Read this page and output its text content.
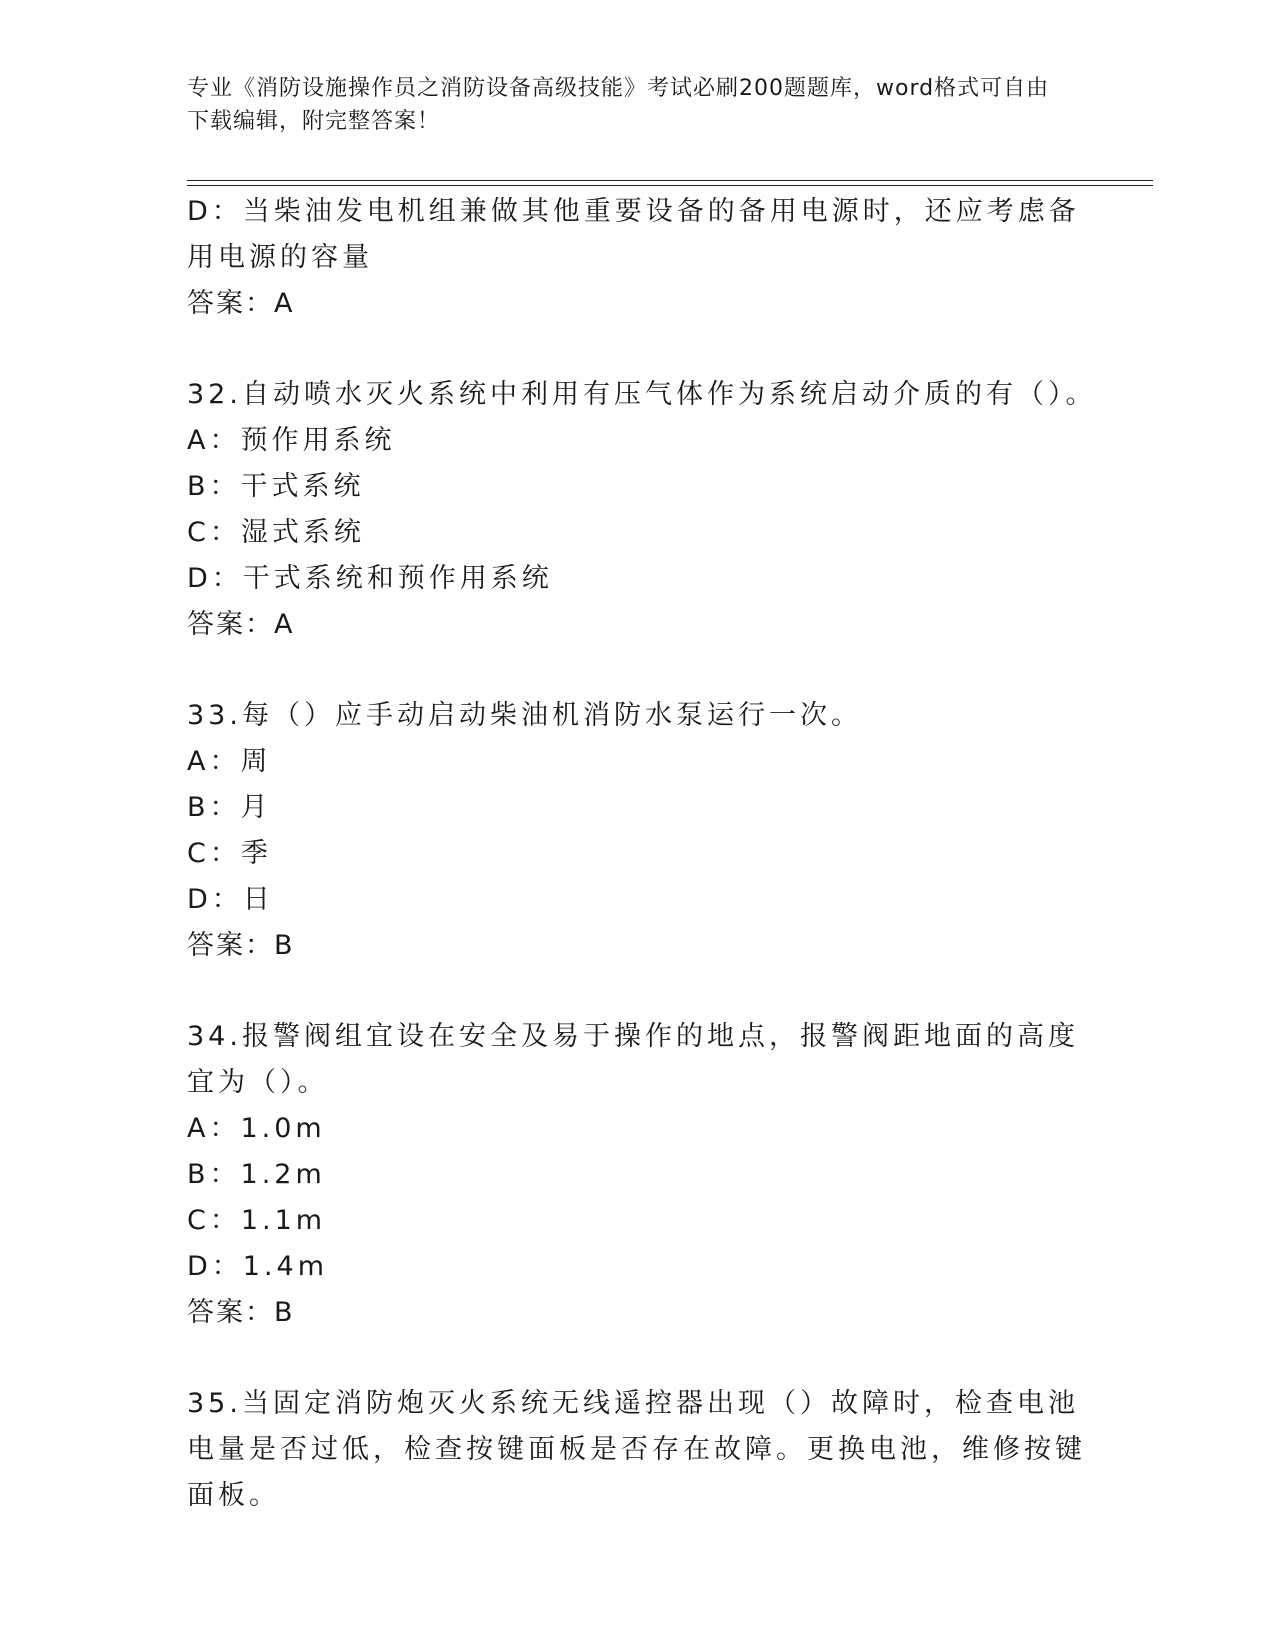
专业《消防设施操作员之消防设备高级技能》考试必刷200题题库，word格式可自由下载编辑，附完整答案！
D：当柴油发电机组兼做其他重要设备的备用电源时，还应考虑备用电源的容量
答案：A
32.自动喷水灭火系统中利用有压气体作为系统启动介质的有（）。
A：预作用系统
B：干式系统
C：湿式系统
D：干式系统和预作用系统
答案：A
33.每（）应手动启动柴油机消防水泵运行一次。
A：周
B：月
C：季
D：日
答案：B
34.报警阀组宜设在安全及易于操作的地点，报警阀距地面的高度宜为（）。
A：1.0m
B：1.2m
C：1.1m
D：1.4m
答案：B
35.当固定消防炮灭火系统无线遥控器出现（）故障时，检查电池电量是否过低，检查按键面板是否存在故障。更换电池，维修按键面板。
